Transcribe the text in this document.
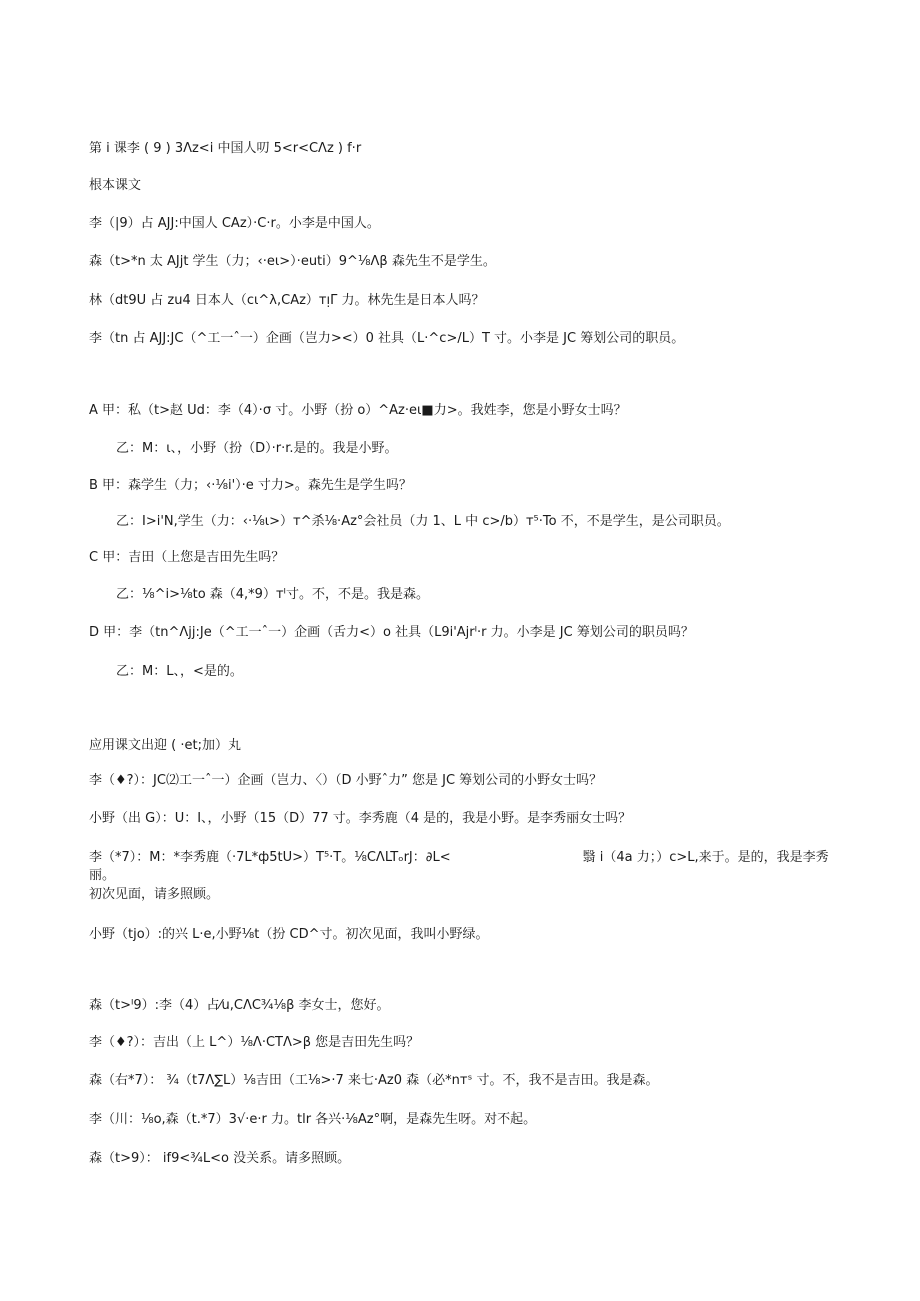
第 i 课李 ( 9 ) 3Λz<i 中国人叨 5<r<CΛz ) f·r
根本课文
李（|9）占 AJJ:中国人 CAz）·C·r。小李是中国人。
森（t>*n 太 AJjt 学生（力；‹·eι>）·euti）9^⅛Λβ 森先生不是学生。
林（dt9U 占 zu4 日本人（cι^λ,CAz）ᴛᴉΓ 力。林先生是日本人吗？
李（tn 占 AJJ:JC（^工一ˆ一）企画（岂力><）0 社具（L·^c>/L）T 寸。小李是 JC 筹划公司的职员。
A 甲：私（t>赵 Ud：李（4）·σ 寸。小野（扮 o）^Az·eι■力>。我姓李，您是小野女士吗？
乙：M：ι、，小野（扮（D）·r·r.是的。我是小野。
B 甲：森学生（力；‹·⅛i'）·e 寸力>。森先生是学生吗？
乙：I>i'N,学生（力：‹·⅛ι>）ᴛ^杀⅛·Az°会社员（力 1、L 中 c>/b）ᴛ⁵·To 不，不是学生，是公司职员。
C 甲：吉田（上您是吉田先生吗？
乙：⅛^i>⅛to 森（4,*9）ᴛᴵ寸。不，不是。我是森。
D 甲：李（tn^Λjj:Je（^工一ˆ一）企画（舌力<）o 社具（L9i'Ajrᴵ·r 力。小李是 JC 筹划公司的职员吗？
乙：M：L、，<是的。
应用课文出迎 ( ·et;加）丸
李（♦?）：JC⑵工一ˆ一）企画（岂力、〈）（D 小野ˆ力” 您是 JC 筹划公司的小野女士吗？
小野（出 G）：U：I、，小野（15（D）77 寸。李秀鹿（4 是的，我是小野。是李秀丽女士吗？
李（*7）：M：*李秀鹿（·7L*ф5tU>）T⁵·T。⅛CΛLTₒrJ：∂L<	翳 i（4a 力；）c>L,来于。是的，我是李秀丽。
初次见面，请多照顾。
小野（tjo）:的兴 L·e,小野⅛t（扮 CD^寸。初次见面，我叫小野绿。
森（t>ᴵ9）:李（4）占⁄u,CΛC¾⅛β 李女士，您好。
李（♦?）：吉出（上 L^）⅛Λ·CTΛ>β 您是吉田先生吗？
森（右*7）： ¾（t7Λ∑L）⅛吉田（工⅛>·7 来七·Az0 森（必*nᴛˢ 寸。不，我不是吉田。我是森。
李（川：⅛o,森（t.*7）3√·e·r 力。tlr 各兴·⅛Az°啊，是森先生呀。对不起。
森（t>9）： if9<¾L<o 没关系。请多照顾。
